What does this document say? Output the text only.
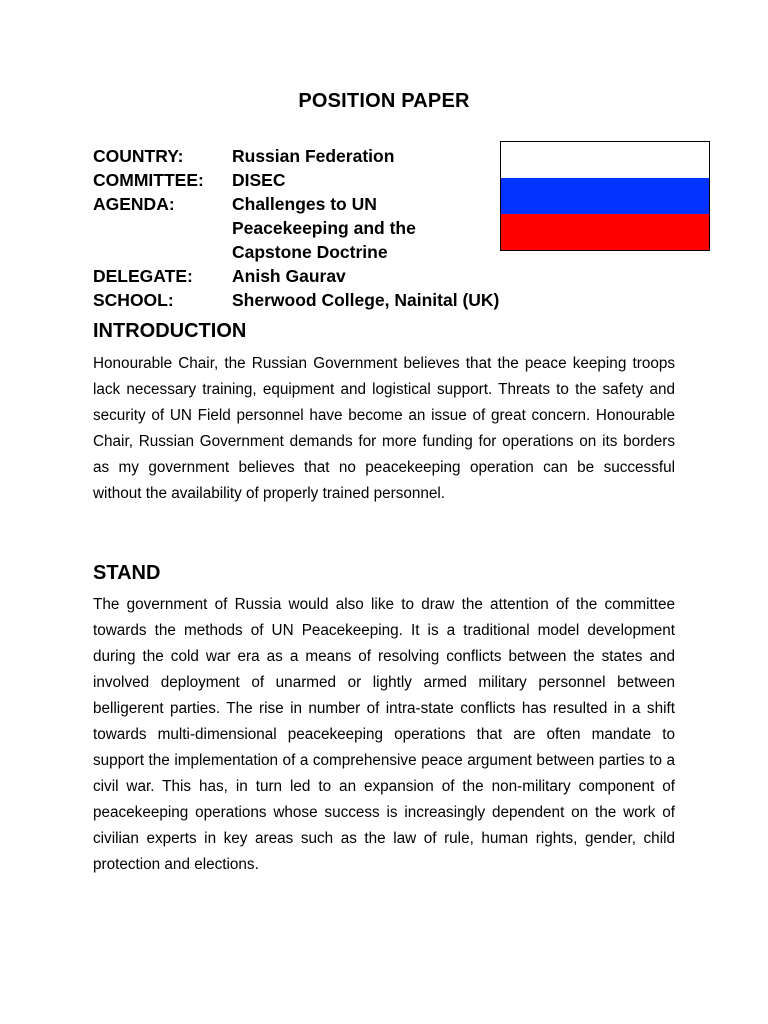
POSITION PAPER
COUNTRY:	Russian Federation
COMMITTEE:	DISEC
AGENDA:	Challenges to UN Peacekeeping and the Capstone Doctrine
DELEGATE:	Anish Gaurav
SCHOOL:	Sherwood College, Nainital (UK)
INTRODUCTION
Honourable Chair, the Russian Government believes that the peace keeping troops lack necessary training, equipment and logistical support. Threats to the safety and security of UN Field personnel have become an issue of great concern. Honourable Chair, Russian Government demands for more funding for operations on its borders as my government believes that no peacekeeping operation can be successful without the availability of properly trained personnel.
STAND
The government of Russia would also like to draw the attention of the committee towards the methods of UN Peacekeeping. It is a traditional model development during the cold war era as a means of resolving conflicts between the states and involved deployment of unarmed or lightly armed military personnel between belligerent parties. The rise in number of intra-state conflicts has resulted in a shift towards multi-dimensional peacekeeping operations that are often mandate to support the implementation of a comprehensive peace argument between parties to a civil war. This has, in turn led to an expansion of the non-military component of peacekeeping operations whose success is increasingly dependent on the work of civilian experts in key areas such as the law of rule, human rights, gender, child protection and elections.
